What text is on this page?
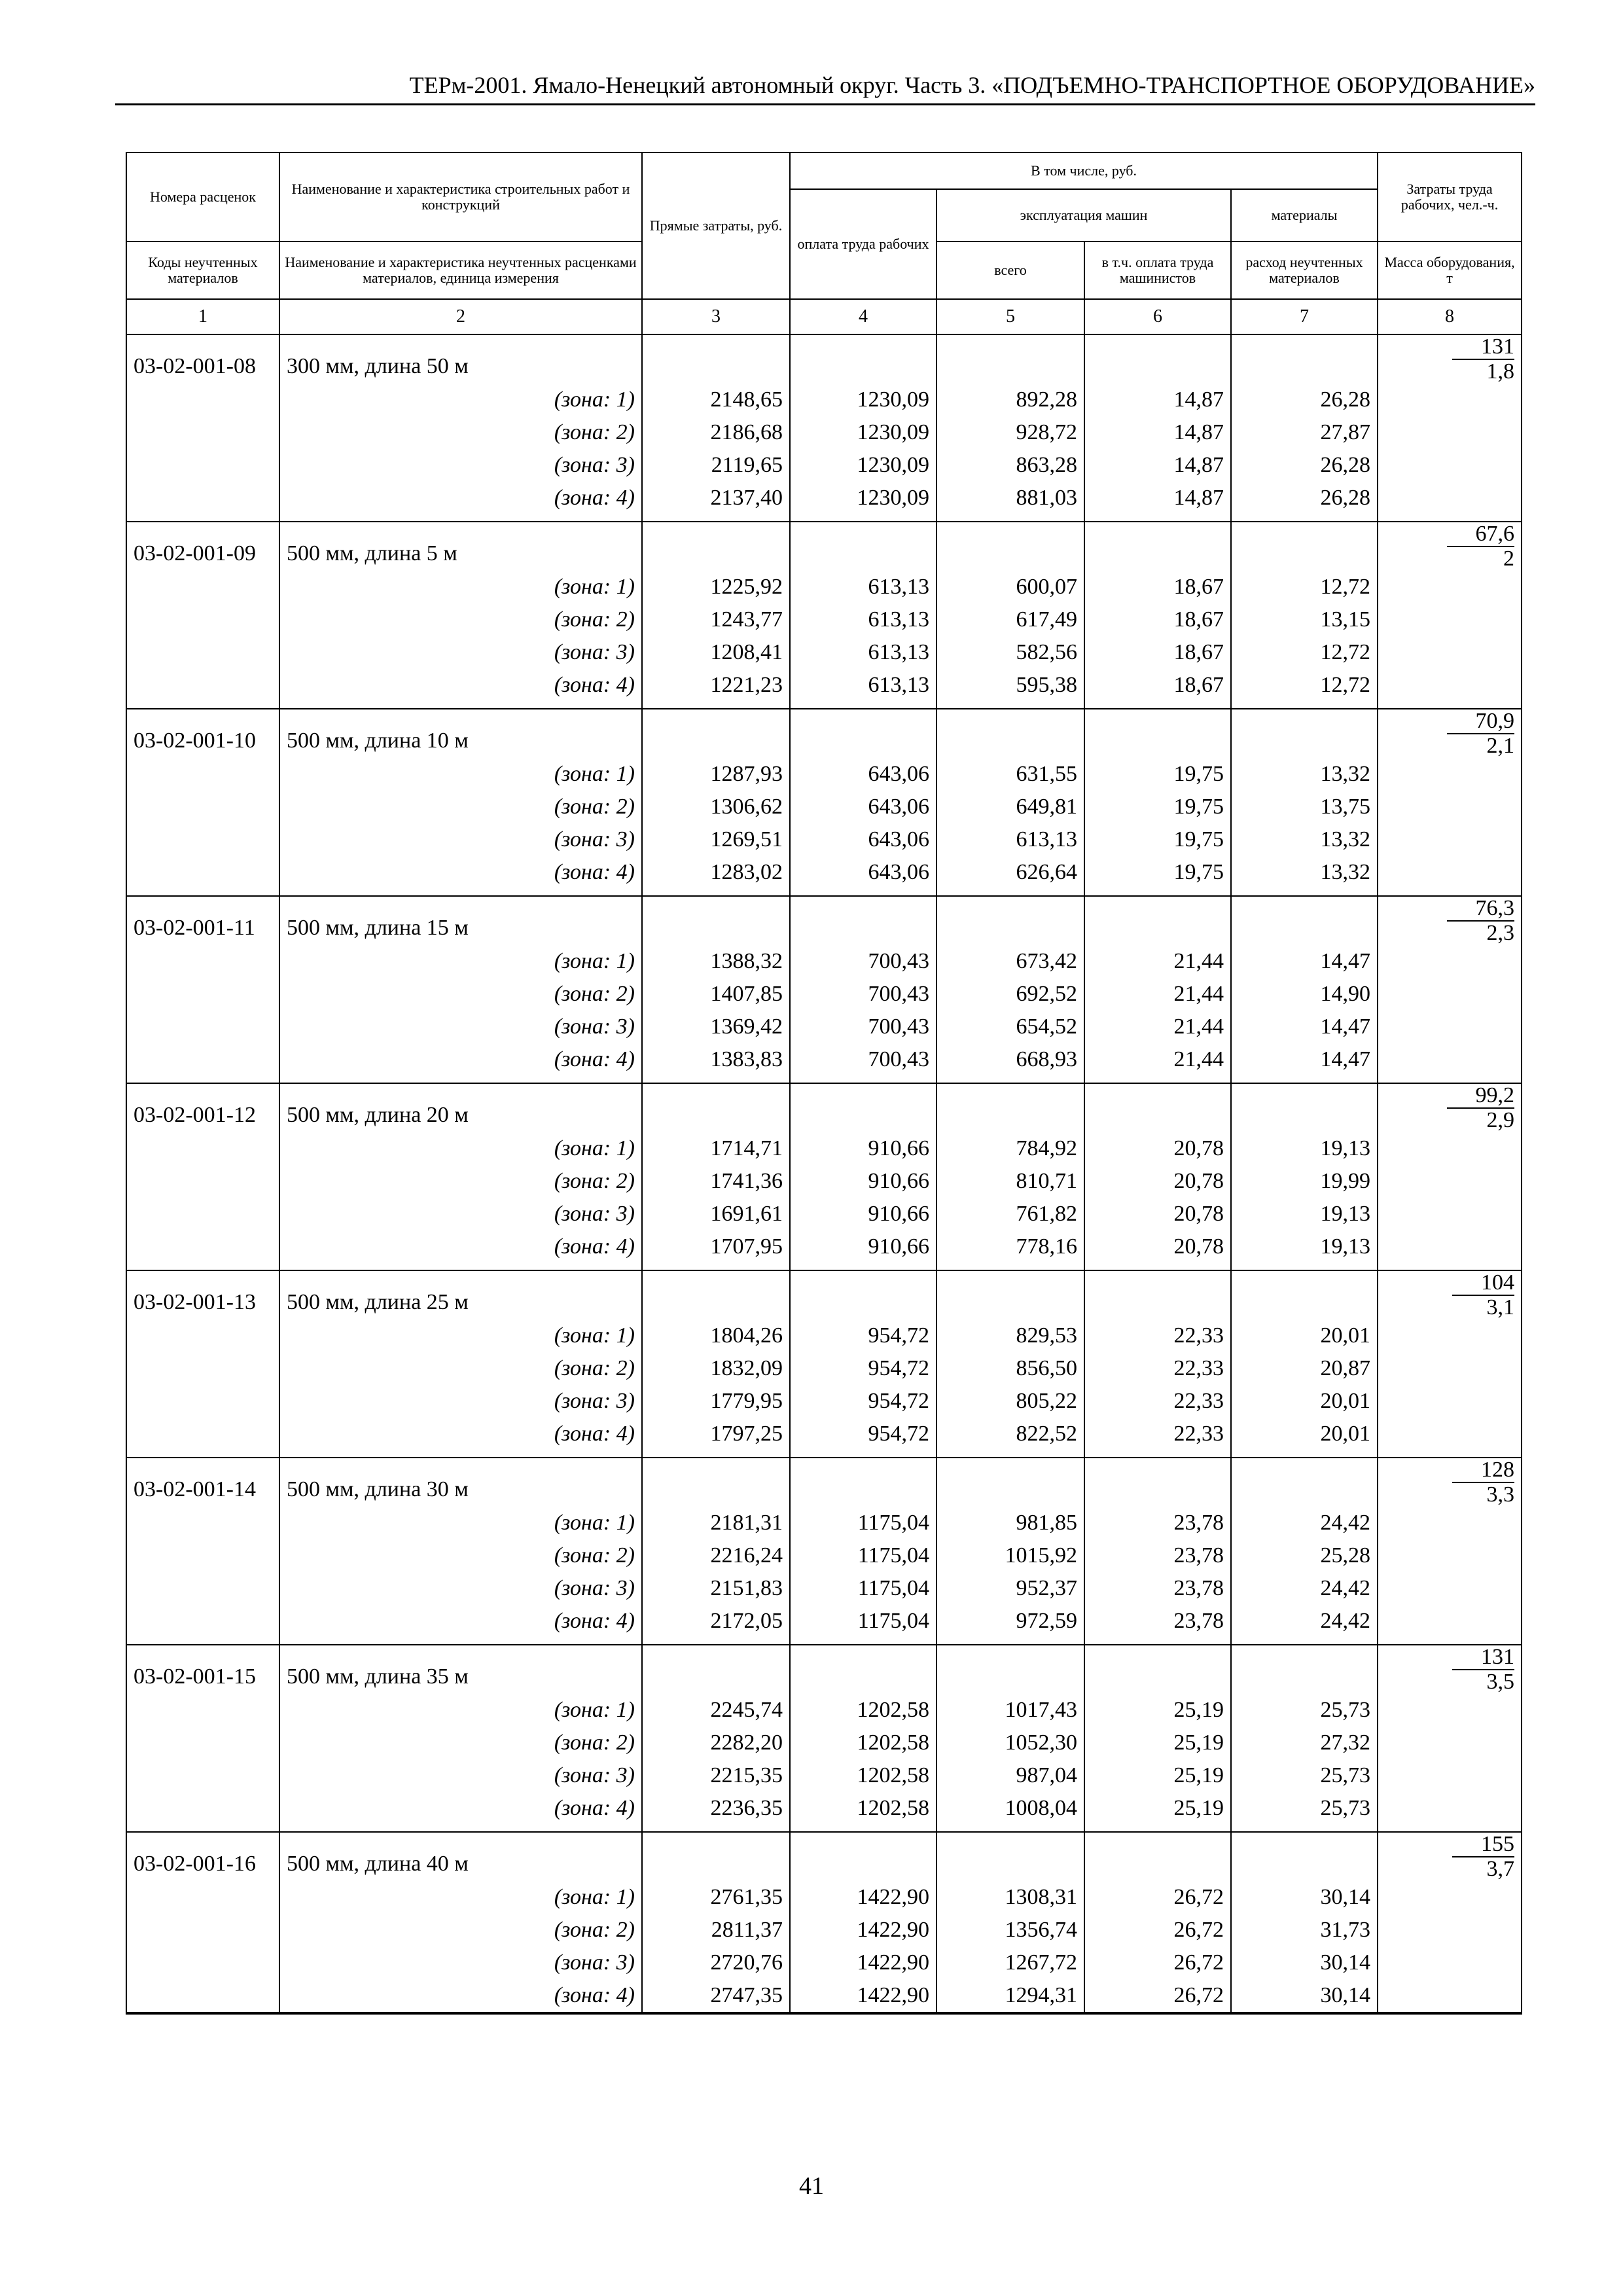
ТЕРм-2001. Ямало-Ненецкий автономный округ. Часть 3. «ПОДЪЕМНО-ТРАНСПОРТНОЕ ОБОРУДОВАНИЕ»
Номера расценок	Наименование и характеристика строительных работ и конструкций	Прямые затраты, руб.	В том числе, руб.				Затраты труда рабочих, чел.-ч.
			оплата труда рабочих	эксплуатация машин		материалы	
Коды неучтенных материалов	Наименование и характеристика неучтенных расценками материалов, единица измерения			всего	в т.ч. оплата труда машинистов	расход неучтенных материалов	Масса оборудования, т
1	2	3	4	5	6	7	8
03-02-001-08	300 мм, длина 50 м						$\frac{131}{1,8}$

	(зона: 1)	2148,65	1230,09	892,28	14,87	26,28	
	(зона: 2)	2186,68	1230,09	928,72	14,87	27,87	
	(зона: 3)	2119,65	1230,09	863,28	14,87	26,28	
	(зона: 4)	2137,40	1230,09	881,03	14,87	26,28	

03-02-001-09	500 мм, длина 5 м						$\frac{67,6}{2}$

	(зона: 1)	1225,92	613,13	600,07	18,67	12,72	
	(зона: 2)	1243,77	613,13	617,49	18,67	13,15	
	(зона: 3)	1208,41	613,13	582,56	18,67	12,72	
	(зона: 4)	1221,23	613,13	595,38	18,67	12,72	

03-02-001-10	500 мм, длина 10 м						$\frac{70,9}{2,1}$

	(зона: 1)	1287,93	643,06	631,55	19,75	13,32	
	(зона: 2)	1306,62	643,06	649,81	19,75	13,75	
	(зона: 3)	1269,51	643,06	613,13	19,75	13,32	
	(зона: 4)	1283,02	643,06	626,64	19,75	13,32	

03-02-001-11	500 мм, длина 15 м						$\frac{76,3}{2,3}$

	(зона: 1)	1388,32	700,43	673,42	21,44	14,47	
	(зона: 2)	1407,85	700,43	692,52	21,44	14,90	
	(зона: 3)	1369,42	700,43	654,52	21,44	14,47	
	(зона: 4)	1383,83	700,43	668,93	21,44	14,47	

03-02-001-12	500 мм, длина 20 м						$\frac{99,2}{2,9}$

	(зона: 1)	1714,71	910,66	784,92	20,78	19,13	
	(зона: 2)	1741,36	910,66	810,71	20,78	19,99	
	(зона: 3)	1691,61	910,66	761,82	20,78	19,13	
	(зона: 4)	1707,95	910,66	778,16	20,78	19,13	

03-02-001-13	500 мм, длина 25 м						$\frac{104}{3,1}$

	(зона: 1)	1804,26	954,72	829,53	22,33	20,01	
	(зона: 2)	1832,09	954,72	856,50	22,33	20,87	
	(зона: 3)	1779,95	954,72	805,22	22,33	20,01	
	(зона: 4)	1797,25	954,72	822,52	22,33	20,01	

03-02-001-14	500 мм, длина 30 м						$\frac{128}{3,3}$

	(зона: 1)	2181,31	1175,04	981,85	23,78	24,42	
	(зона: 2)	2216,24	1175,04	1015,92	23,78	25,28	
	(зона: 3)	2151,83	1175,04	952,37	23,78	24,42	
	(зона: 4)	2172,05	1175,04	972,59	23,78	24,42	

03-02-001-15	500 мм, длина 35 м						$\frac{131}{3,5}$

	(зона: 1)	2245,74	1202,58	1017,43	25,19	25,73	
	(зона: 2)	2282,20	1202,58	1052,30	25,19	27,32	
	(зона: 3)	2215,35	1202,58	987,04	25,19	25,73	
	(зона: 4)	2236,35	1202,58	1008,04	25,19	25,73	

03-02-001-16	500 мм, длина 40 м						$\frac{155}{3,7}$

	(зона: 1)	2761,35	1422,90	1308,31	26,72	30,14	
	(зона: 2)	2811,37	1422,90	1356,74	26,72	31,73	
	(зона: 3)	2720,76	1422,90	1267,72	26,72	30,14	
	(зона: 4)	2747,35	1422,90	1294,31	26,72	30,14	
41
